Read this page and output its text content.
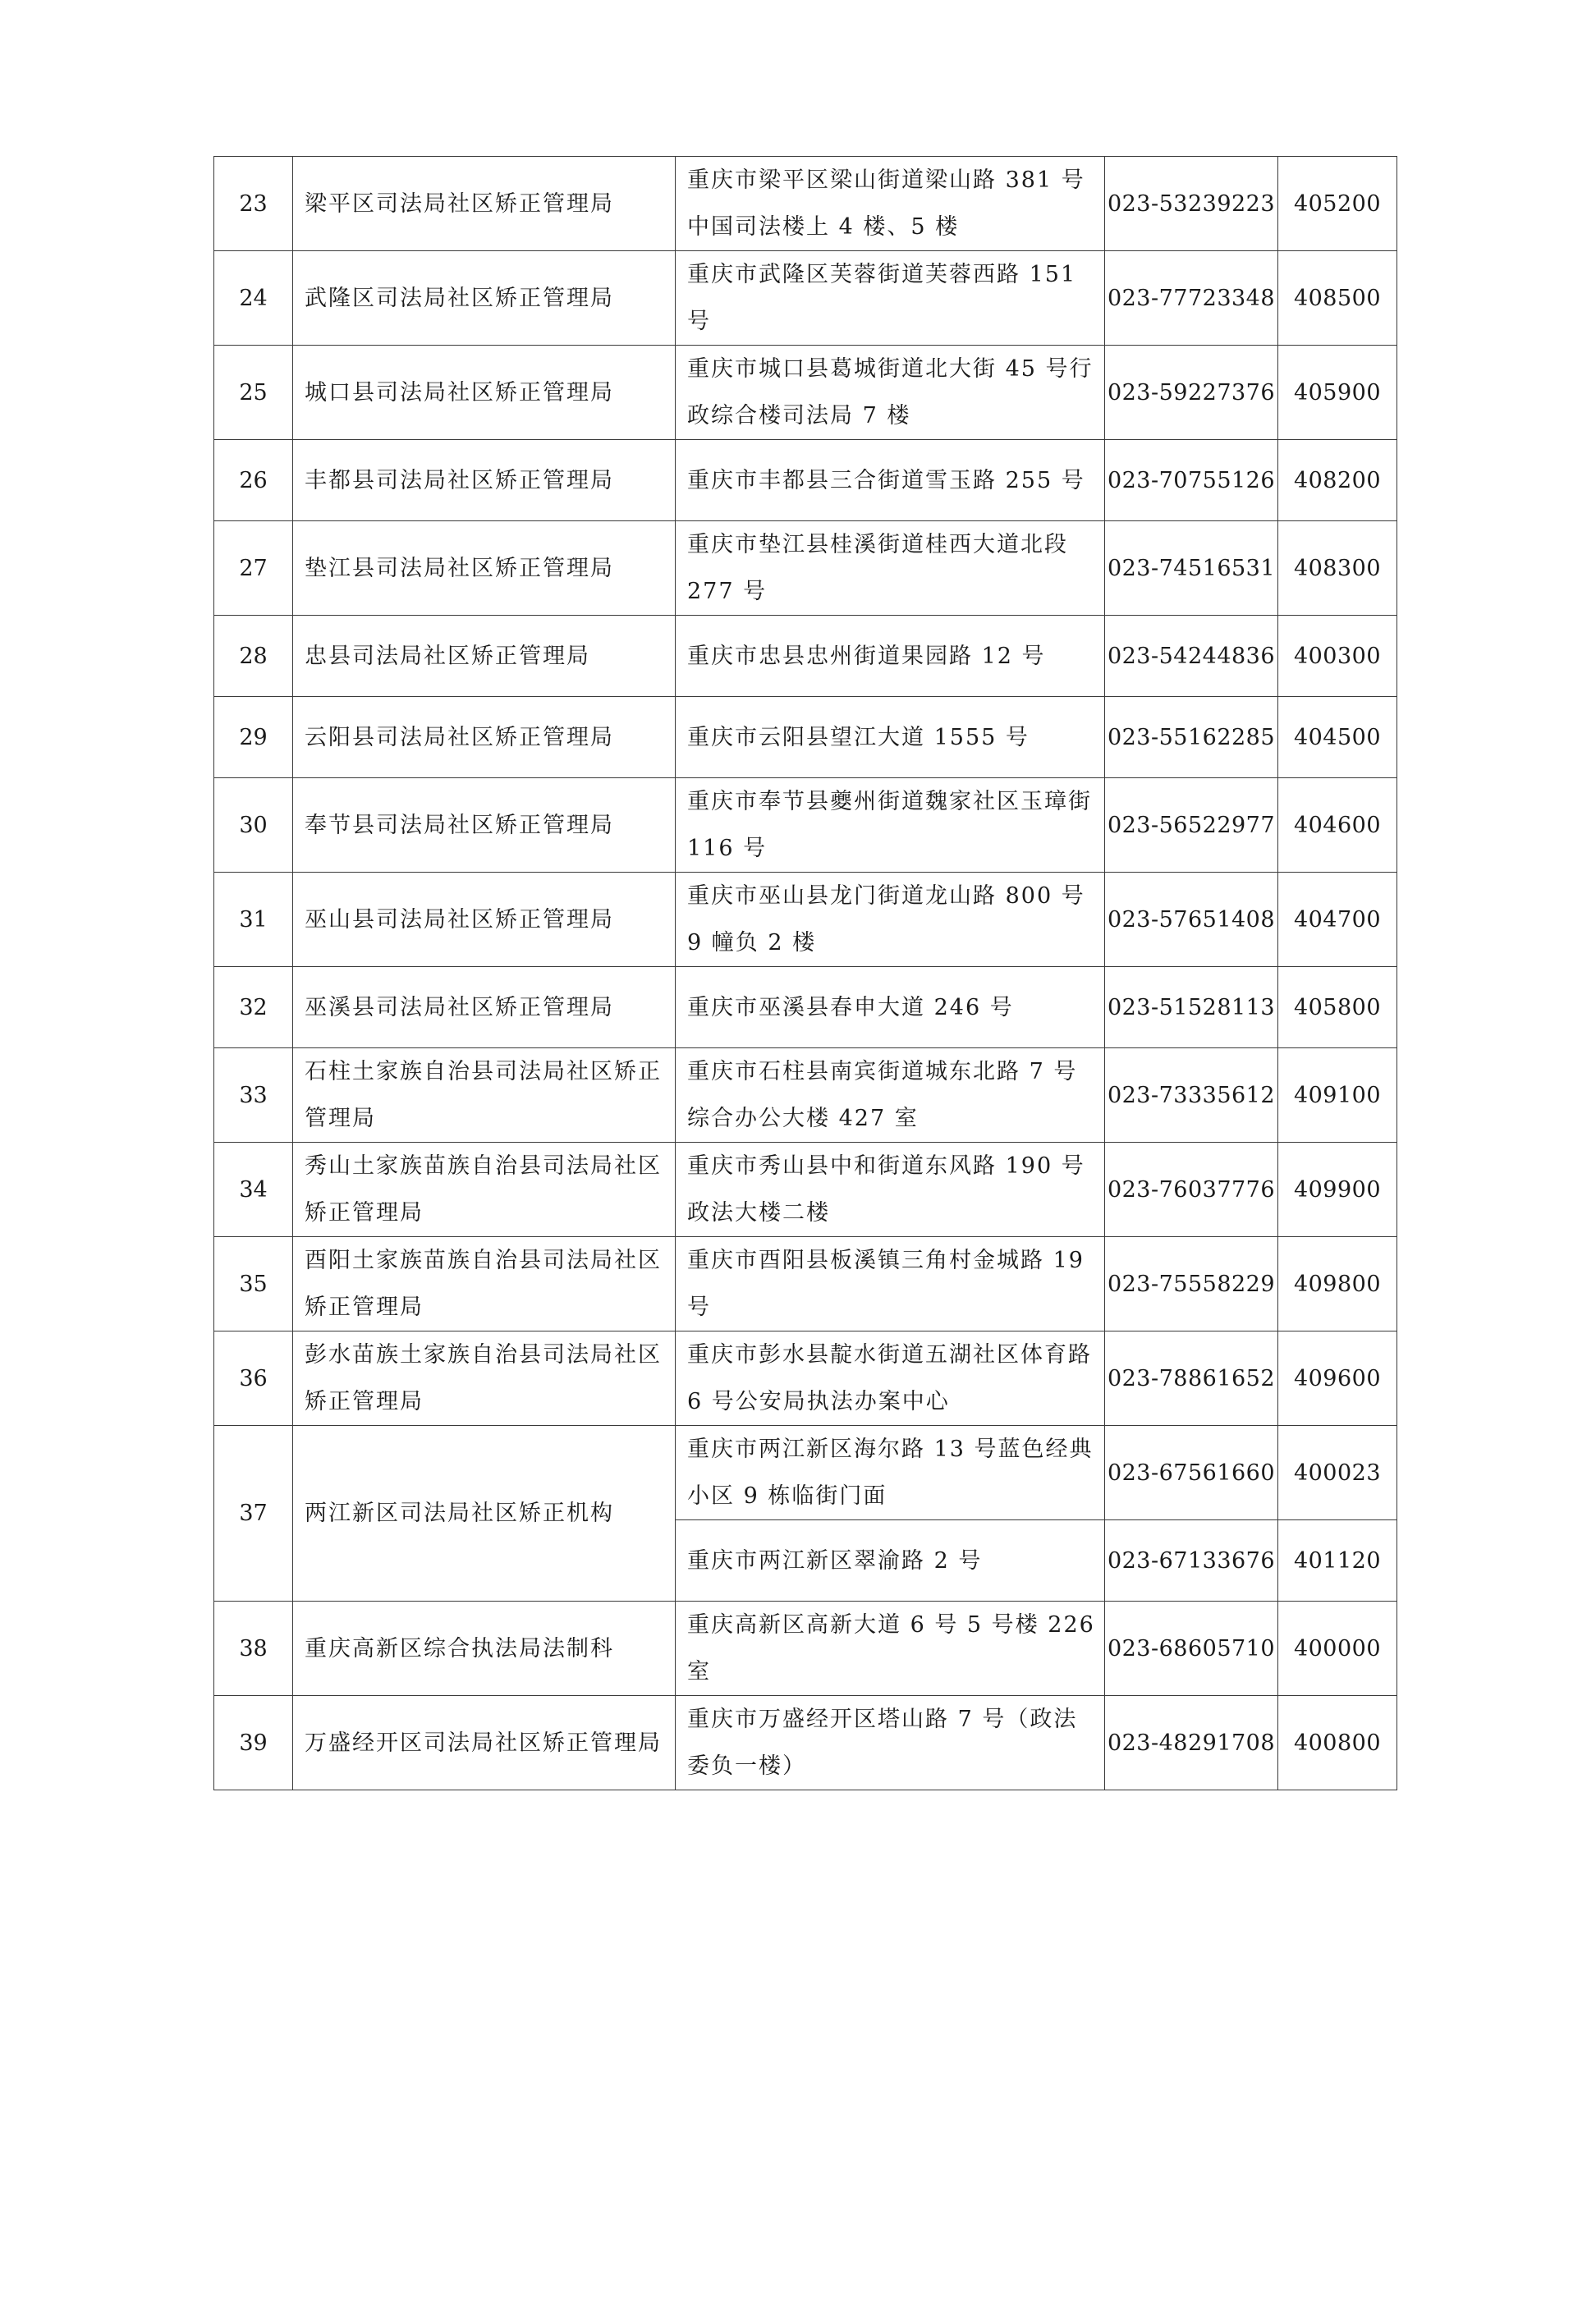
23	梁平区司法局社区矫正管理局	重庆市梁平区梁山街道梁山路 381 号中国司法楼上 4 楼、5 楼	023-53239223	405200
24	武隆区司法局社区矫正管理局	重庆市武隆区芙蓉街道芙蓉西路 151 号	023-77723348	408500
25	城口县司法局社区矫正管理局	重庆市城口县葛城街道北大街 45 号行政综合楼司法局 7 楼	023-59227376	405900
26	丰都县司法局社区矫正管理局	重庆市丰都县三合街道雪玉路 255 号	023-70755126	408200
27	垫江县司法局社区矫正管理局	重庆市垫江县桂溪街道桂西大道北段 277 号	023-74516531	408300
28	忠县司法局社区矫正管理局	重庆市忠县忠州街道果园路 12 号	023-54244836	400300
29	云阳县司法局社区矫正管理局	重庆市云阳县望江大道 1555 号	023-55162285	404500
30	奉节县司法局社区矫正管理局	重庆市奉节县夔州街道魏家社区玉璋街 116 号	023-56522977	404600
31	巫山县司法局社区矫正管理局	重庆市巫山县龙门街道龙山路 800 号 9 幢负 2 楼	023-57651408	404700
32	巫溪县司法局社区矫正管理局	重庆市巫溪县春申大道 246 号	023-51528113	405800
33	石柱土家族自治县司法局社区矫正管理局	重庆市石柱县南宾街道城东北路 7 号综合办公大楼 427 室	023-73335612	409100
34	秀山土家族苗族自治县司法局社区矫正管理局	重庆市秀山县中和街道东风路 190 号政法大楼二楼	023-76037776	409900
35	酉阳土家族苗族自治县司法局社区矫正管理局	重庆市酉阳县板溪镇三角村金城路 19 号	023-75558229	409800
36	彭水苗族土家族自治县司法局社区矫正管理局	重庆市彭水县靛水街道五湖社区体育路 6 号公安局执法办案中心	023-78861652	409600
37	两江新区司法局社区矫正机构	重庆市两江新区海尔路 13 号蓝色经典小区 9 栋临街门面	023-67561660	400023
		重庆市两江新区翠渝路 2 号	023-67133676	401120
38	重庆高新区综合执法局法制科	重庆高新区高新大道 6 号 5 号楼 226 室	023-68605710	400000
39	万盛经开区司法局社区矫正管理局	重庆市万盛经开区塔山路 7 号（政法委负一楼）	023-48291708	400800
